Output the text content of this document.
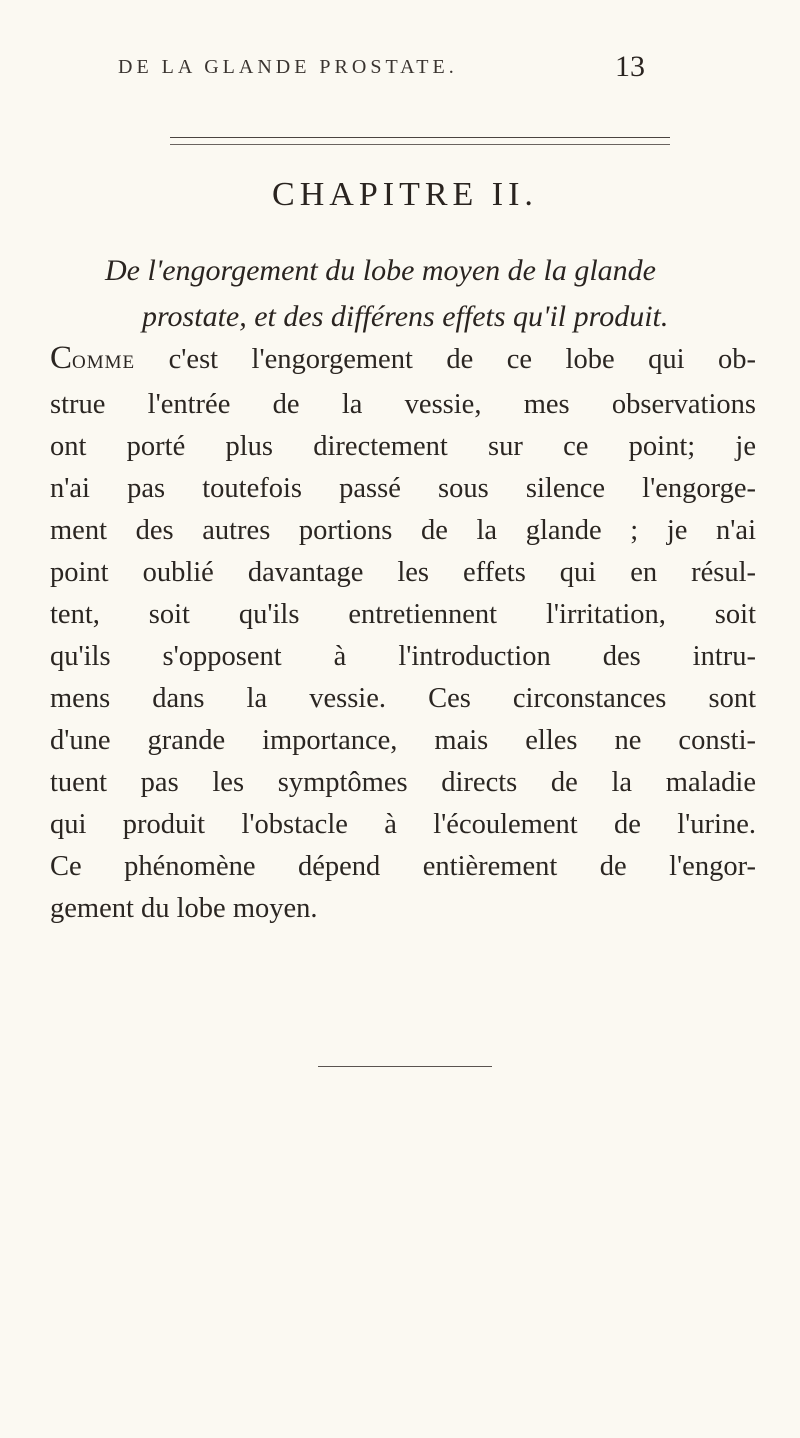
DE LA GLANDE PROSTATE.	13
CHAPITRE II.
De l'engorgement du lobe moyen de la glande
prostate, et des différens effets qu'il produit.
COMME c'est l'engorgement de ce lobe qui ob-
strue l'entrée de la vessie, mes observations
ont porté plus directement sur ce point; je
n'ai pas toutefois passé sous silence l'engorge-
ment des autres portions de la glande ; je n'ai
point oublié davantage les effets qui en résul-
tent, soit qu'ils entretiennent l'irritation, soit
qu'ils s'opposent à l'introduction des intru-
mens dans la vessie. Ces circonstances sont
d'une grande importance, mais elles ne consti-
tuent pas les symptômes directs de la maladie
qui produit l'obstacle à l'écoulement de l'urine.
Ce phénomène dépend entièrement de l'engor-
gement du lobe moyen.
